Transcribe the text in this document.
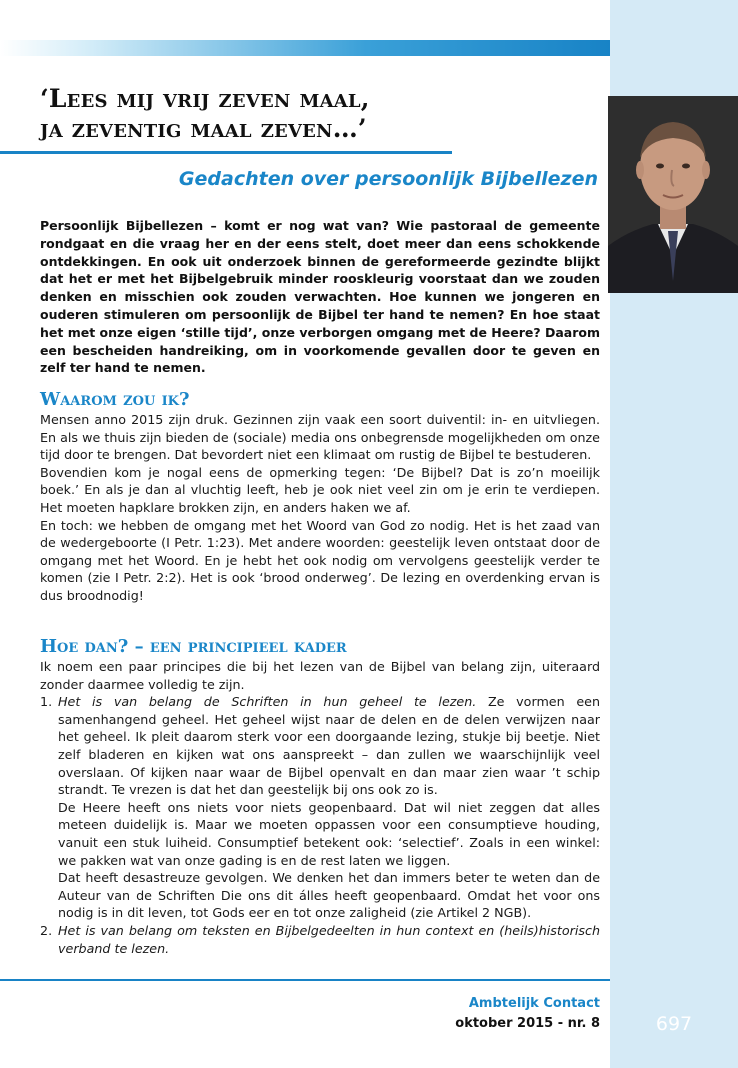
‘Lees mij vrij zeven maal,
ja zeventig maal zeven…’
Gedachten over persoonlijk Bijbellezen
Persoonlijk Bijbellezen – komt er nog wat van? Wie pastoraal de gemeente rondgaat en die vraag her en der eens stelt, doet meer dan eens schokkende ontdekkingen. En ook uit onderzoek binnen de gereformeerde gezindte blijkt dat het er met het Bijbelgebruik minder rooskleurig voorstaat dan we zouden denken en misschien ook zouden verwachten. Hoe kunnen we jongeren en ouderen stimuleren om persoonlijk de Bijbel ter hand te nemen? En hoe staat het met onze eigen ‘stille tijd’, onze verborgen omgang met de Heere? Daarom een bescheiden handreiking, om in voorkomende gevallen door te geven en zelf ter hand te nemen.
Waarom zou ik?

Mensen anno 2015 zijn druk. Gezinnen zijn vaak een soort duiventil: in- en uitvliegen. En als we thuis zijn bieden de (sociale) media ons onbegrensde mogelijkheden om onze tijd door te brengen. Dat bevordert niet een klimaat om rustig de Bijbel te bestuderen.

Bovendien kom je nogal eens de opmerking tegen: ‘De Bijbel? Dat is zo’n moeilijk boek.’ En als je dan al vluchtig leeft, heb je ook niet veel zin om je erin te verdiepen. Het moeten hapklare brokken zijn, en anders haken we af.

En toch: we hebben de omgang met het Woord van God zo nodig. Het is het zaad van de wedergeboorte (I Petr. 1:23). Met andere woorden: geestelijk leven ontstaat door de omgang met het Woord. En je hebt het ook nodig om vervolgens geestelijk verder te komen (zie I Petr. 2:2). Het is ook ‘brood onderweg’. De lezing en overdenking ervan is dus broodnodig!

Hoe dan? – een principieel kader

Ik noem een paar principes die bij het lezen van de Bijbel van belang zijn, uiteraard zonder daarmee volledig te zijn.

1. Het is van belang de Schriften in hun geheel te lezen. Ze vormen een samenhangend geheel. Het geheel wijst naar de delen en de delen verwijzen naar het geheel. Ik pleit daarom sterk voor een doorgaande lezing, stukje bij beetje. Niet zelf bladeren en kijken wat ons aanspreekt – dan zullen we waarschijnlijk veel overslaan. Of kijken naar waar de Bijbel openvalt en dan maar zien waar ’t schip strandt. Te vrezen is dat het dan geestelijk bij ons ook zo is.

De Heere heeft ons niets voor niets geopenbaard. Dat wil niet zeggen dat alles meteen duidelijk is. Maar we moeten oppassen voor een consumptieve houding, vanuit een stuk luiheid. Consumptief betekent ook: ‘selectief’. Zoals in een winkel: we pakken wat van onze gading is en de rest laten we liggen.

Dat heeft desastreuze gevolgen. We denken het dan immers beter te weten dan de Auteur van de Schriften Die ons dit álles heeft geopenbaard. Omdat het voor ons nodig is in dit leven, tot Gods eer en tot onze zaligheid (zie Artikel 2 NGB).

2. Het is van belang om teksten en Bijbelgedeelten in hun context en (heils)historisch verband te lezen.

Ambtelijk Contact
oktober 2015 - nr. 8	697
